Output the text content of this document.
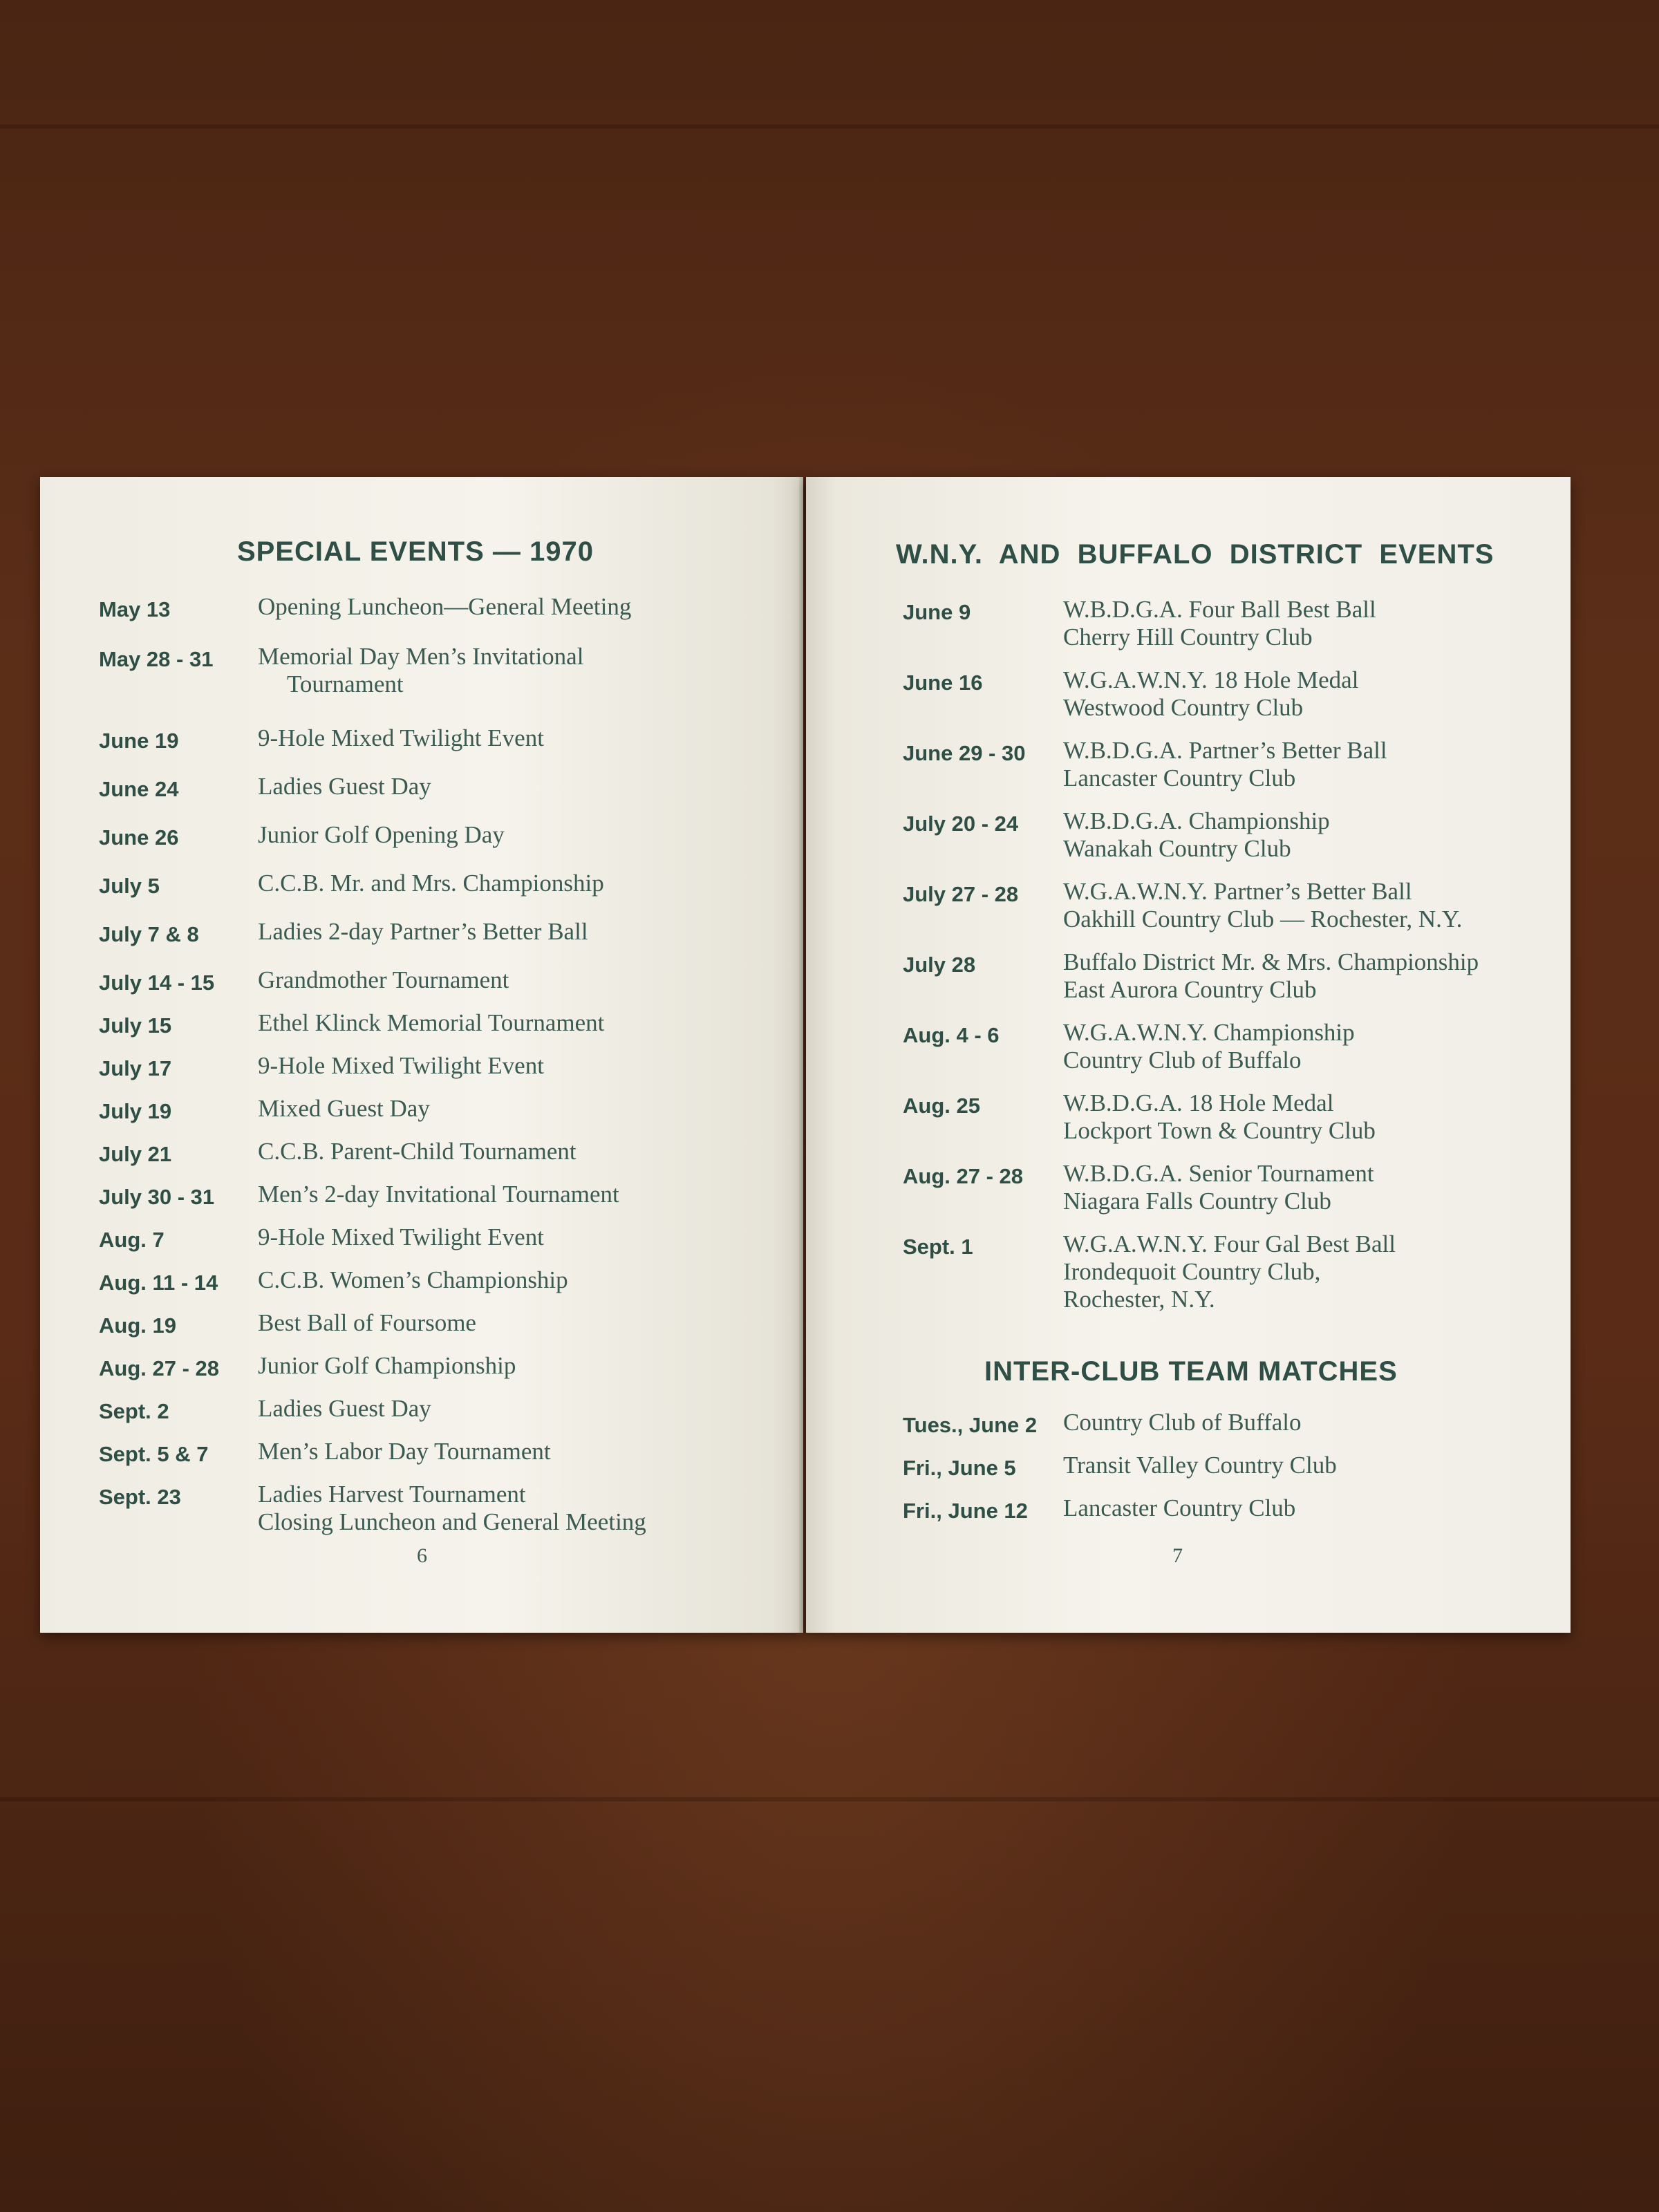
SPECIAL EVENTS — 1970
May 13	Opening Luncheon—General Meeting
May 28 - 31 Memorial Day Men’s Invitational
Tournament
June 19	9-Hole Mixed Twilight Event
June 24	Ladies Guest Day
June 26	Junior Golf Opening Day
July 5	C.C.B. Mr. and Mrs. Championship
July 7 & 8 Ladies 2-day Partner’s Better Ball
July 14 - 15 Grandmother Tournament
July 15	Ethel Klinck Memorial Tournament
July 17	9-Hole Mixed Twilight Event
July 19	Mixed Guest Day
July 21	C.C.B. Parent-Child Tournament
July 30 - 31 Men’s 2-day Invitational Tournament
Aug. 7	9-Hole Mixed Twilight Event
Aug. 11 - 14 C.C.B. Women’s Championship
Aug. 19	Best Ball of Foursome
Aug. 27 - 28 Junior Golf Championship
Sept. 2	Ladies Guest Day
Sept. 5 & 7 Men’s Labor Day Tournament
Sept. 23	Ladies Harvest Tournament
Closing Luncheon and General Meeting
6
W.N.Y.  AND  BUFFALO  DISTRICT  EVENTS
June 9	W.B.D.G.A. Four Ball Best Ball
Cherry Hill Country Club
June 16	W.G.A.W.N.Y. 18 Hole Medal
Westwood Country Club
June 29 - 30 W.B.D.G.A. Partner’s Better Ball
Lancaster Country Club
July 20 - 24 W.B.D.G.A. Championship
Wanakah Country Club
July 27 - 28 W.G.A.W.N.Y. Partner’s Better Ball
Oakhill Country Club — Rochester, N.Y.
July 28	Buffalo District Mr. & Mrs. Championship
East Aurora Country Club
Aug. 4 - 6	W.G.A.W.N.Y. Championship
Country Club of Buffalo
Aug. 25	W.B.D.G.A. 18 Hole Medal
Lockport Town & Country Club
Aug. 27 - 28 W.B.D.G.A. Senior Tournament
Niagara Falls Country Club
Sept. 1	W.G.A.W.N.Y. Four Gal Best Ball
Irondequoit Country Club,
Rochester, N.Y.
INTER-CLUB TEAM MATCHES
Tues., June 2 Country Club of Buffalo
Fri., June 5 Transit Valley Country Club
Fri., June 12 Lancaster Country Club
7
